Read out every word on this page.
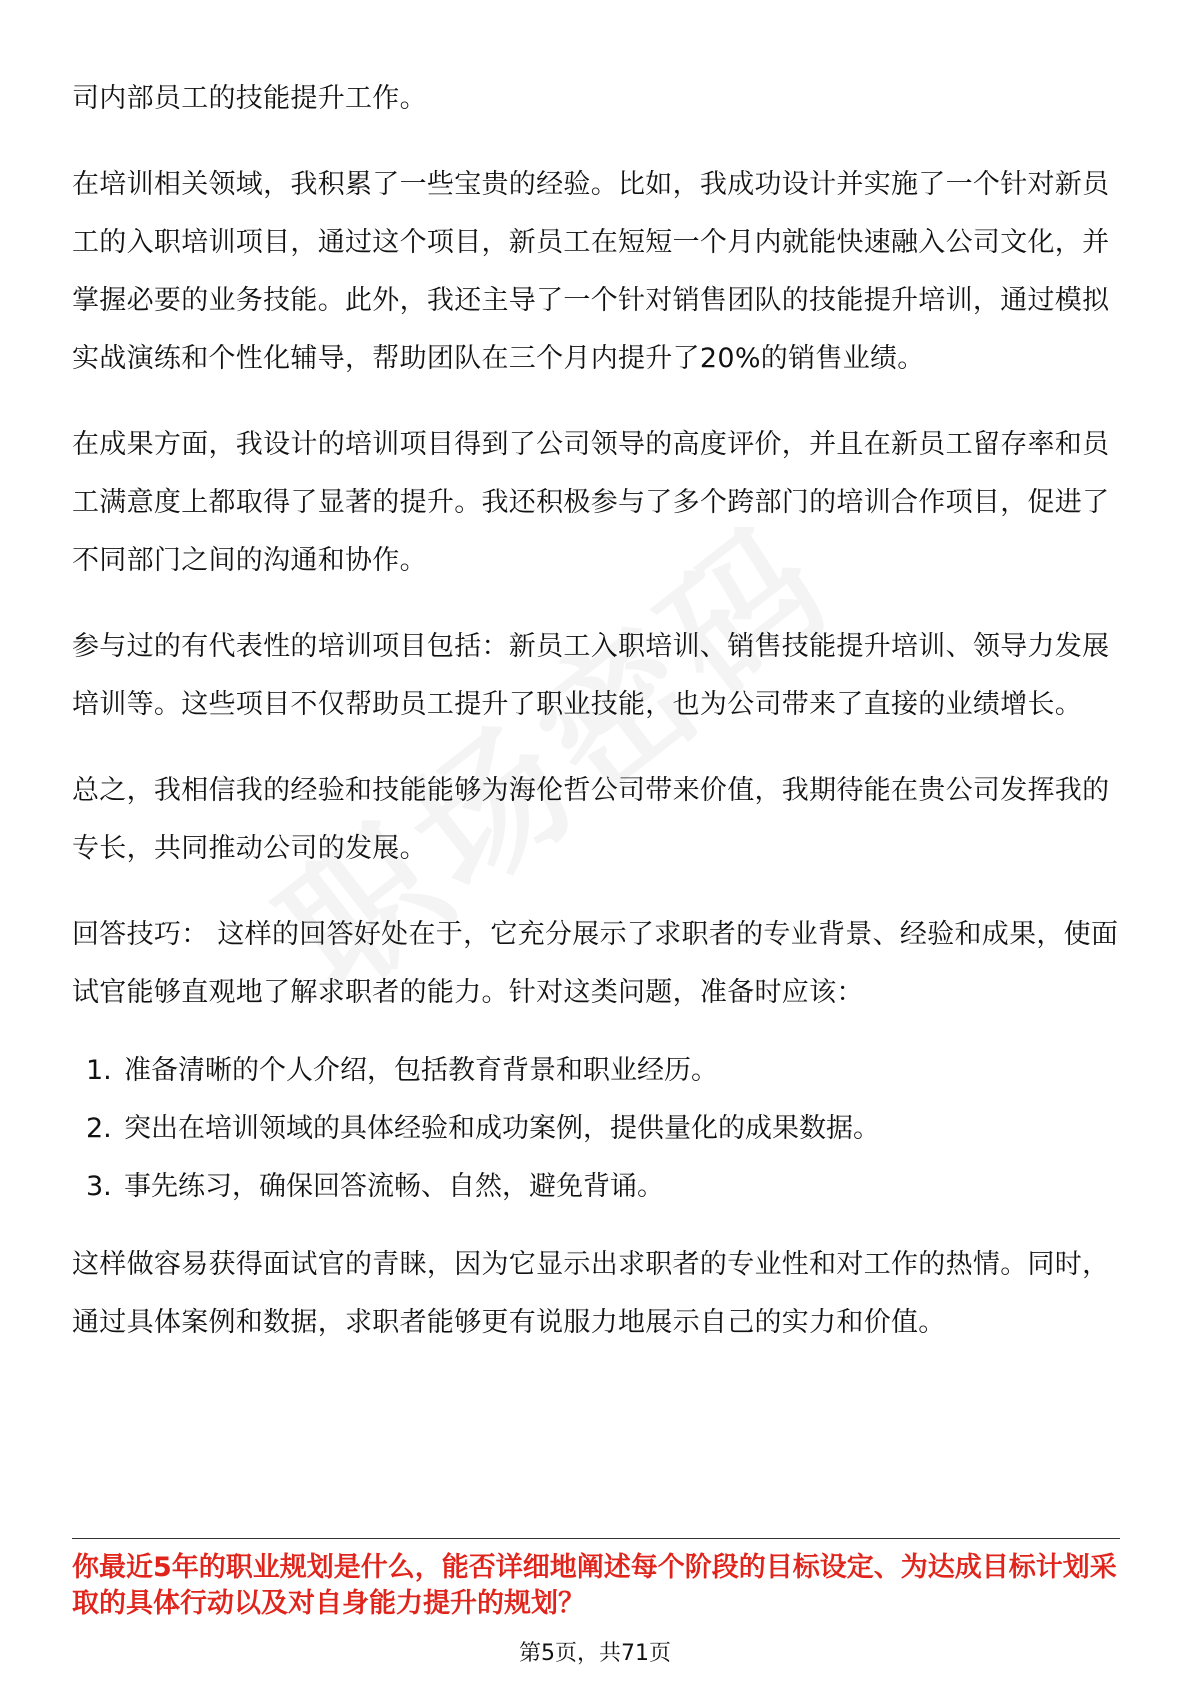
司内部员工的技能提升工作。

在培训相关领域，我积累了一些宝贵的经验。比如，我成功设计并实施了一个针对新员工的入职培训项目，通过这个项目，新员工在短短一个月内就能快速融入公司文化，并掌握必要的业务技能。此外，我还主导了一个针对销售团队的技能提升培训，通过模拟实战演练和个性化辅导，帮助团队在三个月内提升了20%的销售业绩。

在成果方面，我设计的培训项目得到了公司领导的高度评价，并且在新员工留存率和员工满意度上都取得了显著的提升。我还积极参与了多个跨部门的培训合作项目，促进了不同部门之间的沟通和协作。

参与过的有代表性的培训项目包括：新员工入职培训、销售技能提升培训、领导力发展培训等。这些项目不仅帮助员工提升了职业技能，也为公司带来了直接的业绩增长。

总之，我相信我的经验和技能能够为海伦哲公司带来价值，我期待能在贵公司发挥我的专长，共同推动公司的发展。

回答技巧： 这样的回答好处在于，它充分展示了求职者的专业背景、经验和成果，使面试官能够直观地了解求职者的能力。针对这类问题，准备时应该：

1. 准备清晰的个人介绍，包括教育背景和职业经历。
2. 突出在培训领域的具体经验和成功案例，提供量化的成果数据。
3. 事先练习，确保回答流畅、自然，避免背诵。

这样做容易获得面试官的青睐，因为它显示出求职者的专业性和对工作的热情。同时，通过具体案例和数据，求职者能够更有说服力地展示自己的实力和价值。

你最近5年的职业规划是什么，能否详细地阐述每个阶段的目标设定、为达成目标计划采取的具体行动以及对自身能力提升的规划？

第5页，共71页
